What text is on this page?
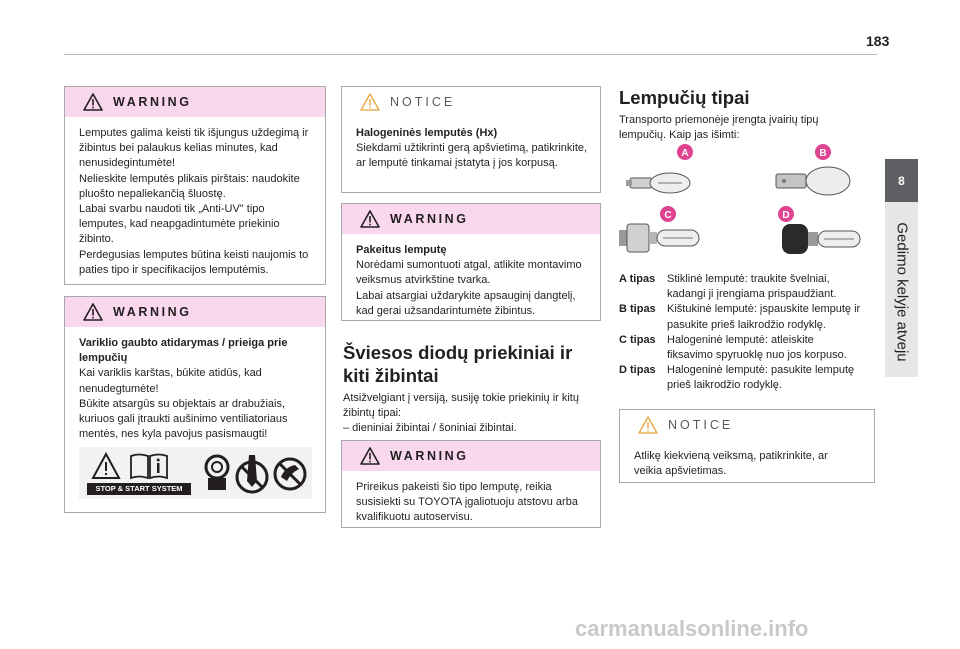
183
8
Gedimo kelyje atveju
WARNING

Lemputes galima keisti tik išjungus uždegimą ir žibintus bei palaukus kelias minutes, kad nenusidegintumėte!
Nelieskite lemputės plikais pirštais: naudokite pluošto nepaliekančią šluostę.
Labai svarbu naudoti tik „Anti-UV" tipo lemputes, kad neapgadintumėte priekinio žibinto.
Perdegusias lemputes būtina keisti naujomis to paties tipo ir specifikacijos lemputėmis.

WARNING

Variklio gaubto atidarymas / prieiga prie lempučių

Kai variklis karštas, būkite atidūs, kad nenudegtumėte!
Būkite atsargūs su objektais ar drabužiais, kuriuos gali įtraukti aušinimo ventiliatoriaus mentės, nes kyla pavojus pasismaugti!

STOP & START SYSTEM
NOTICE

Halogeninės lemputės (Hx)

Siekdami užtikrinti gerą apšvietimą, patikrinkite, ar lemputė tinkamai įstatyta į jos korpusą.

WARNING

Pakeitus lemputę

Norėdami sumontuoti atgal, atlikite montavimo veiksmus atvirkštine tvarka.
Labai atsargiai uždarykite apsauginį dangtelį, kad gerai užsandarintumėte žibintus.

Šviesos diodų priekiniai ir
kiti žibintai
Atsižvelgiant į versiją, susiję tokie priekinių ir kitų žibintų tipai:
– dieniniai žibintai / šoniniai žibintai.
WARNING

Prireikus pakeisti šio tipo lemputę, reikia susisiekti su TOYOTA įgaliotuoju atstovu arba kvalifikuotu autoservisu.

Lempučių tipai
Transporto priemonėje įrengta įvairių tipų
lempučių. Kaip jas išimti:
A	B
C	D
A tipas	Stiklinė lemputė: traukite švelniai,
kadangi ji įrengiama prispaudžiant.
B tipas	Kištukinė lemputė: įspauskite lemputę ir
pasukite prieš laikrodžio rodyklę.
C tipas	Halogeninė lemputė: atleiskite
fiksavimo spyruoklę nuo jos korpuso.
D tipas	Halogeninė lemputė: pasukite lemputę
prieš laikrodžio rodyklę.
NOTICE

Atlikę kiekvieną veiksmą, patikrinkite, ar
veikia apšvietimas.

carmanualsonline.info
